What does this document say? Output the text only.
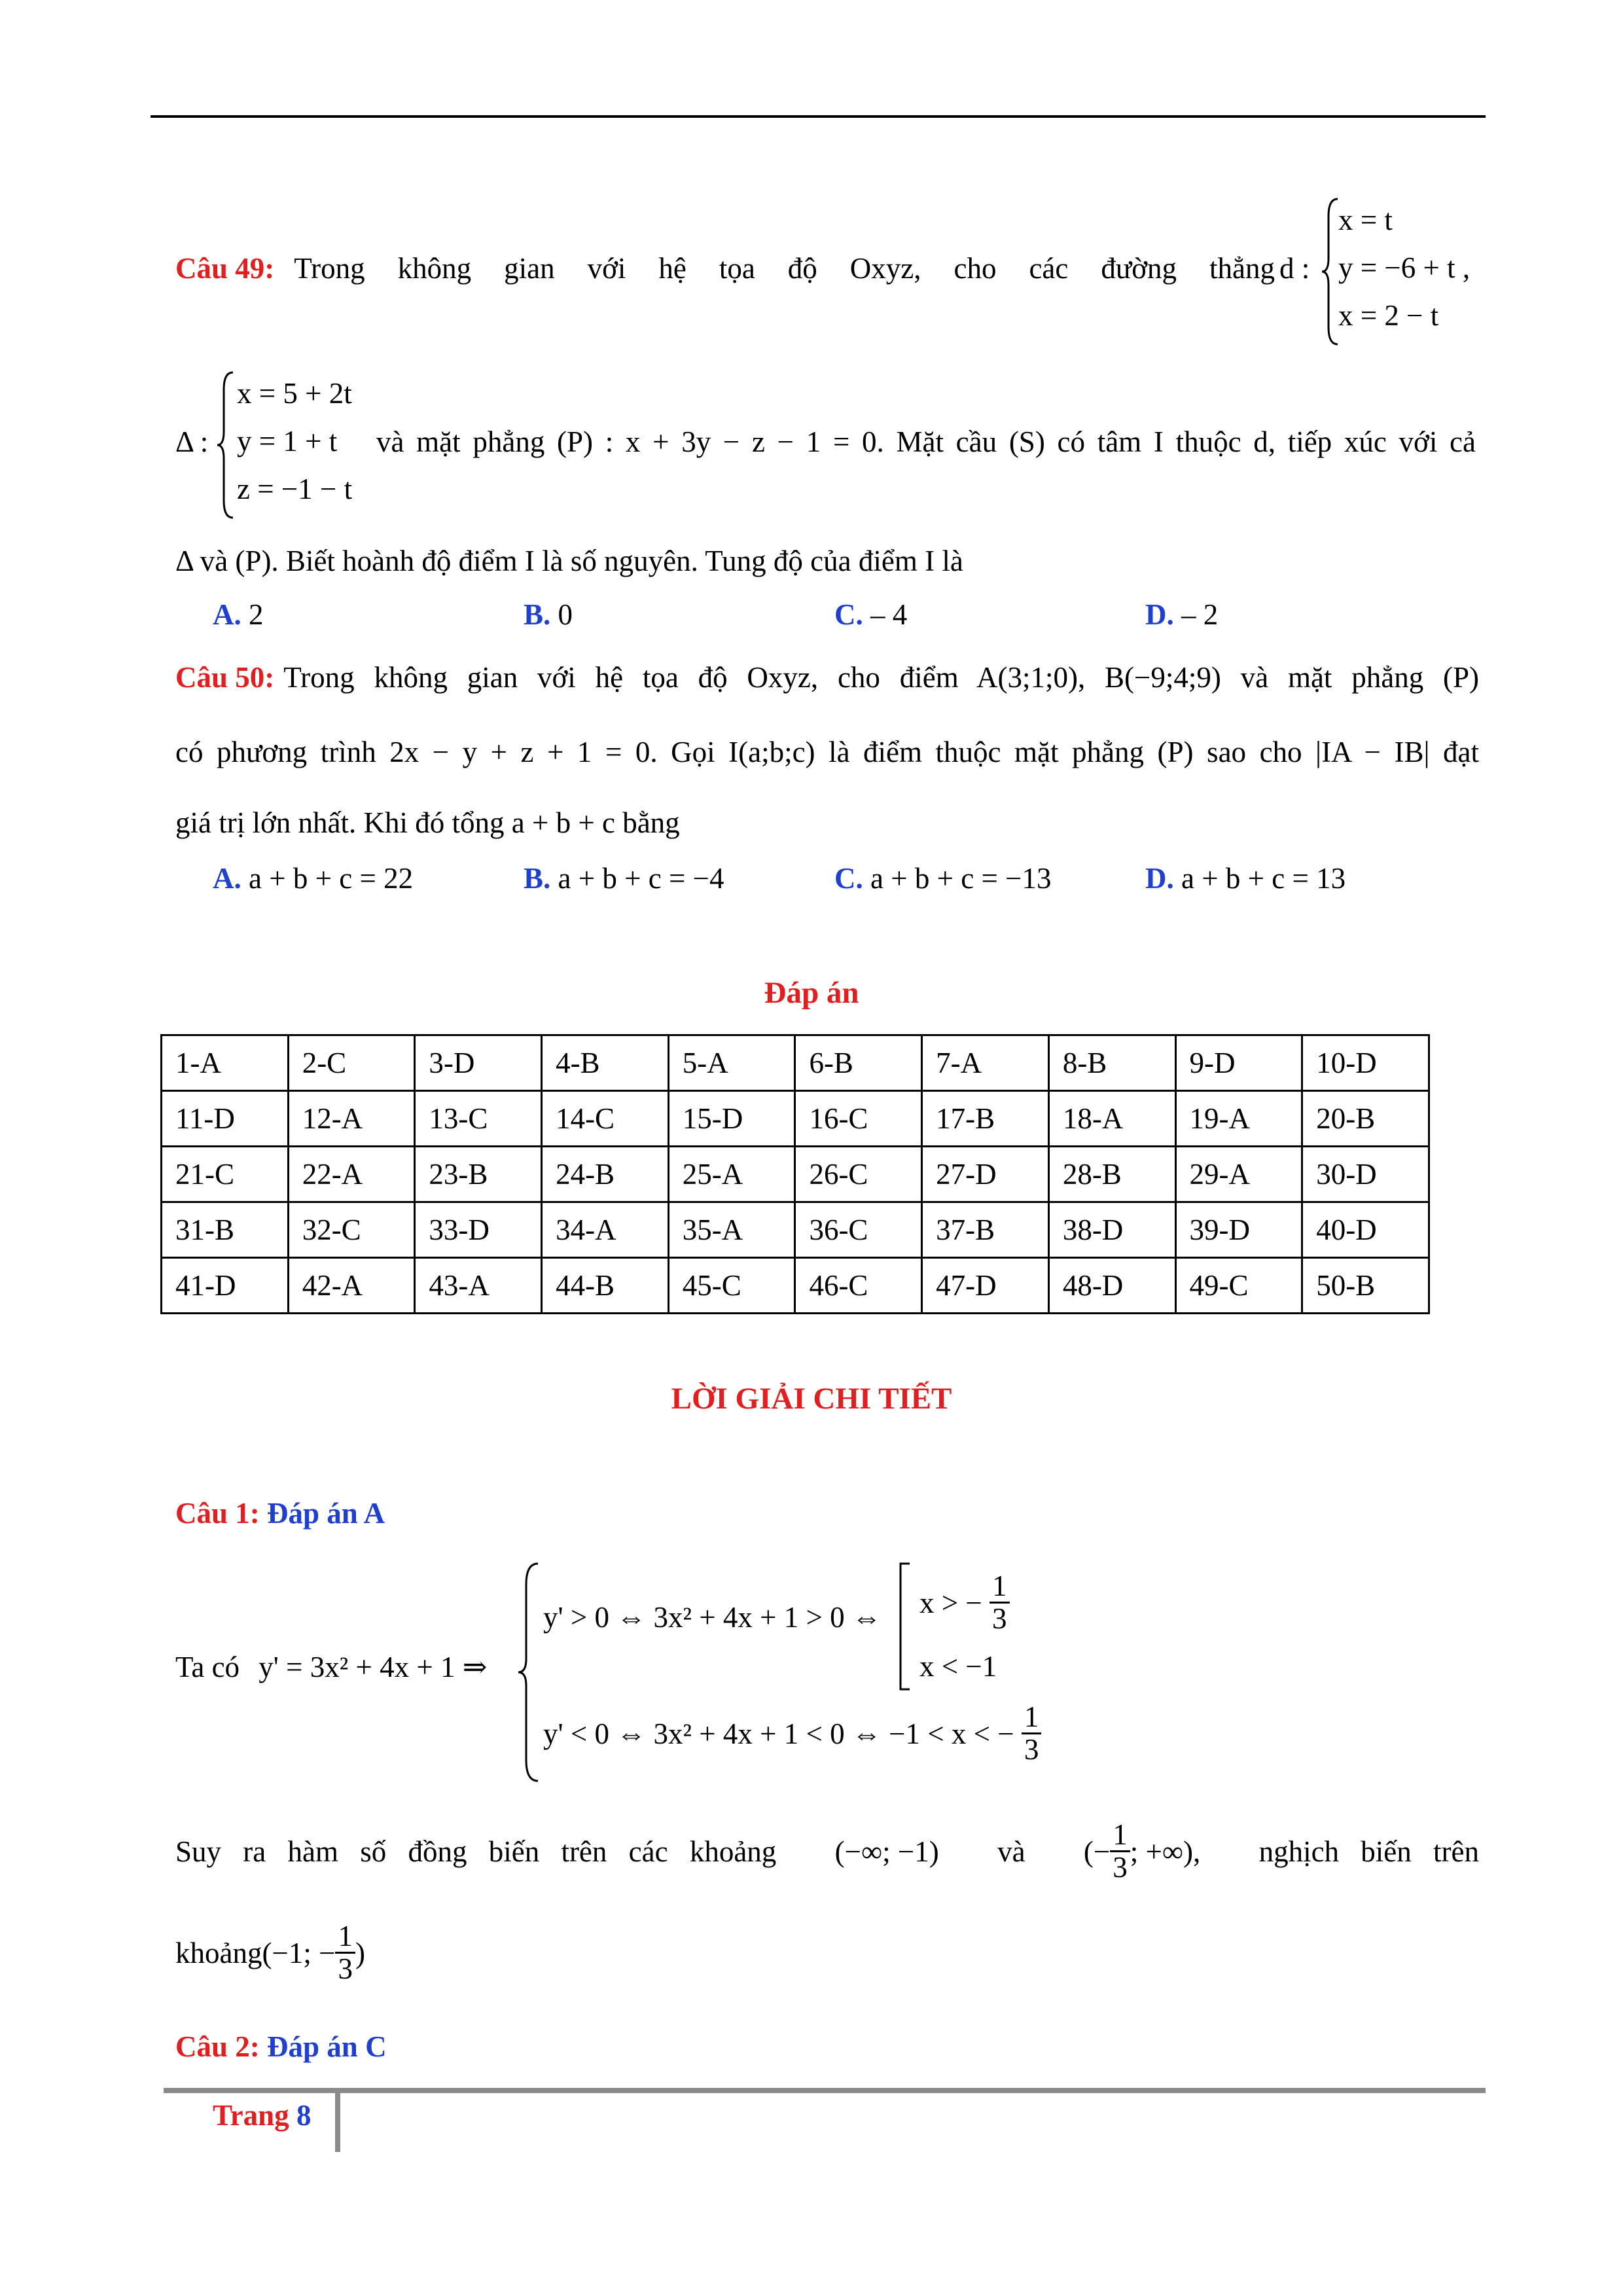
Câu 49: Trong không gian với hệ tọa độ Oxyz, cho các đường thẳng d :
x = t
y = −6 + t ,
x = 2 − t
Δ :
x = 5 + 2t
y = 1 + t
z = −1 − t
và mặt phẳng (P) : x + 3y − z − 1 = 0. Mặt cầu (S) có tâm I thuộc d, tiếp xúc với cả
Δ và (P). Biết hoành độ điểm I là số nguyên. Tung độ của điểm I là
A. 2	B. 0	C. – 4	D. – 2
Câu 50: Trong không gian với hệ tọa độ Oxyz, cho điểm A(3;1;0), B(−9;4;9) và mặt phẳng (P)
có phương trình 2x − y + z + 1 = 0. Gọi I(a;b;c) là điểm thuộc mặt phẳng (P) sao cho |IA − IB| đạt
giá trị lớn nhất. Khi đó tổng a + b + c bằng
A. a + b + c = 22	B. a + b + c = −4	C. a + b + c = −13	D. a + b + c = 13
Đáp án
1-A	2-C	3-D	4-B	5-A	6-B	7-A	8-B	9-D	10-D
11-D	12-A	13-C	14-C	15-D	16-C	17-B	18-A	19-A	20-B
21-C	22-A	23-B	24-B	25-A	26-C	27-D	28-B	29-A	30-D
31-B	32-C	33-D	34-A	35-A	36-C	37-B	38-D	39-D	40-D
41-D	42-A	43-A	44-B	45-C	46-C	47-D	48-D	49-C	50-B
LỜI GIẢI CHI TIẾT
Câu 1: Đáp án A
Ta có y' = 3x² + 4x + 1 ⇒
y' > 0 ⇔ 3x² + 4x + 1 > 0 ⇔ x > − $\frac{1}{3}$
x < −1
y' < 0 ⇔ 3x² + 4x + 1 < 0 ⇔ −1 < x < − $\frac{1}{3}$
Suy ra hàm số đồng biến trên các khoảng (−∞; −1) và (− $\frac{1}{3}$ ; +∞), nghịch biến trên
khoảng(−1; − $\frac{1}{3}$ )
Câu 2: Đáp án C
Trang 8
